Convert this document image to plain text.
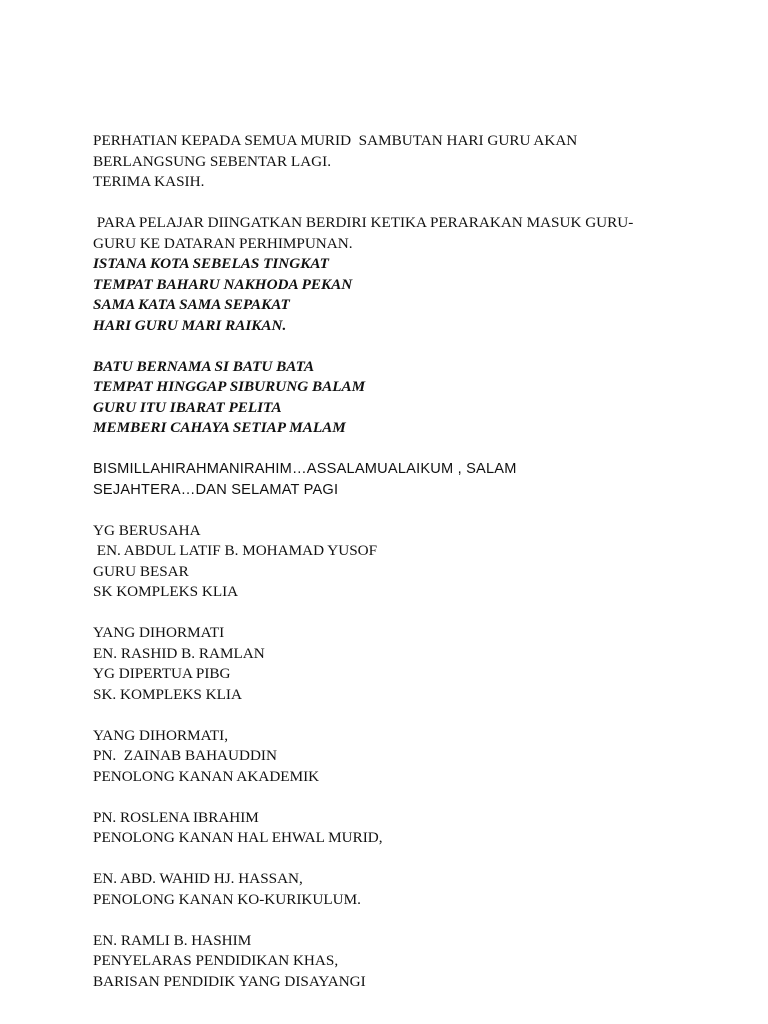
PERHATIAN KEPADA SEMUA MURID  SAMBUTAN HARI GURU AKAN
BERLANGSUNG SEBENTAR LAGI.
TERIMA KASIH.
PARA PELAJAR DIINGATKAN BERDIRI KETIKA PERARAKAN MASUK GURU-
GURU KE DATARAN PERHIMPUNAN.
ISTANA KOTA SEBELAS TINGKAT
TEMPAT BAHARU NAKHODA PEKAN
SAMA KATA SAMA SEPAKAT
HARI GURU MARI RAIKAN.
BATU BERNAMA SI BATU BATA
TEMPAT HINGGAP SIBURUNG BALAM
GURU ITU IBARAT PELITA
MEMBERI CAHAYA SETIAP MALAM
BISMILLAHIRAHMANIRAHIM…ASSALAMUALAIKUM , SALAM
SEJAHTERA…DAN SELAMAT PAGI
YG BERUSAHA
EN. ABDUL LATIF B. MOHAMAD YUSOF
GURU BESAR
SK KOMPLEKS KLIA
YANG DIHORMATI
EN. RASHID B. RAMLAN
YG DIPERTUA PIBG
SK. KOMPLEKS KLIA
YANG DIHORMATI,
PN.  ZAINAB BAHAUDDIN
PENOLONG KANAN AKADEMIK
PN. ROSLENA IBRAHIM
PENOLONG KANAN HAL EHWAL MURID,
EN. ABD. WAHID HJ. HASSAN,
PENOLONG KANAN KO-KURIKULUM.
EN. RAMLI B. HASHIM
PENYELARAS PENDIDIKAN KHAS,
BARISAN PENDIDIK YANG DISAYANGI
